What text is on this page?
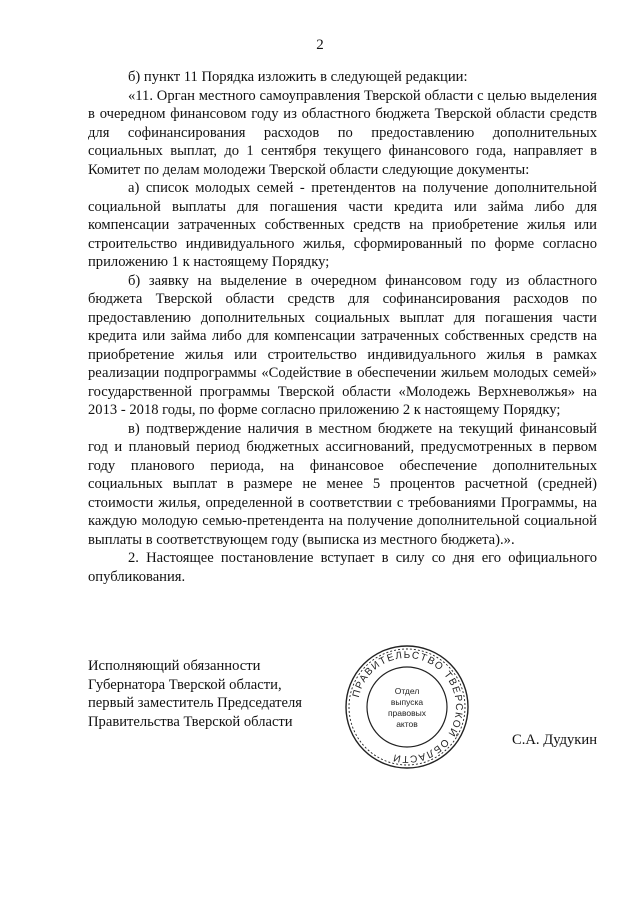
2

б) пункт 11 Порядка изложить в следующей редакции:

«11. Орган местного самоуправления Тверской области с целью выделения в очередном финансовом году из областного бюджета Тверской области средств для софинансирования расходов по предоставлению дополнительных социальных выплат, до 1 сентября текущего финансового года, направляет в Комитет по делам молодежи Тверской области следующие документы:

а) список молодых семей - претендентов на получение дополнительной социальной выплаты для погашения части кредита или займа либо для компенсации затраченных собственных средств на приобретение жилья или строительство индивидуального жилья, сформированный по форме согласно приложению 1 к настоящему Порядку;

б) заявку на выделение в очередном финансовом году из областного бюджета Тверской области средств для софинансирования расходов по предоставлению дополнительных социальных выплат для погашения части кредита или займа либо для компенсации затраченных собственных средств на приобретение жилья или строительство индивидуального жилья в рамках реализации подпрограммы «Содействие в обеспечении жильем молодых семей» государственной программы Тверской области «Молодежь Верхневолжья» на 2013 - 2018 годы, по форме согласно приложению 2 к настоящему Порядку;

в) подтверждение наличия в местном бюджете на текущий финансовый год и плановый период бюджетных ассигнований, предусмотренных в первом году планового периода, на финансовое обеспечение дополнительных социальных выплат в размере не менее 5 процентов расчетной (средней) стоимости жилья, определенной в соответствии с требованиями Программы, на каждую молодую семью-претендента на получение дополнительной социальной выплаты в соответствующем году (выписка из местного бюджета).».

2. Настоящее постановление вступает в силу со дня его официального опубликования.

Исполняющий обязанности
Губернатора Тверской области,
первый заместитель Председателя
Правительства Тверской области
ПРАВИТЕЛЬСТВО ТВЕРСКОЙ ОБЛАСТИ
Отдел
выпуска
правовых
актов
С.А. Дудукин
